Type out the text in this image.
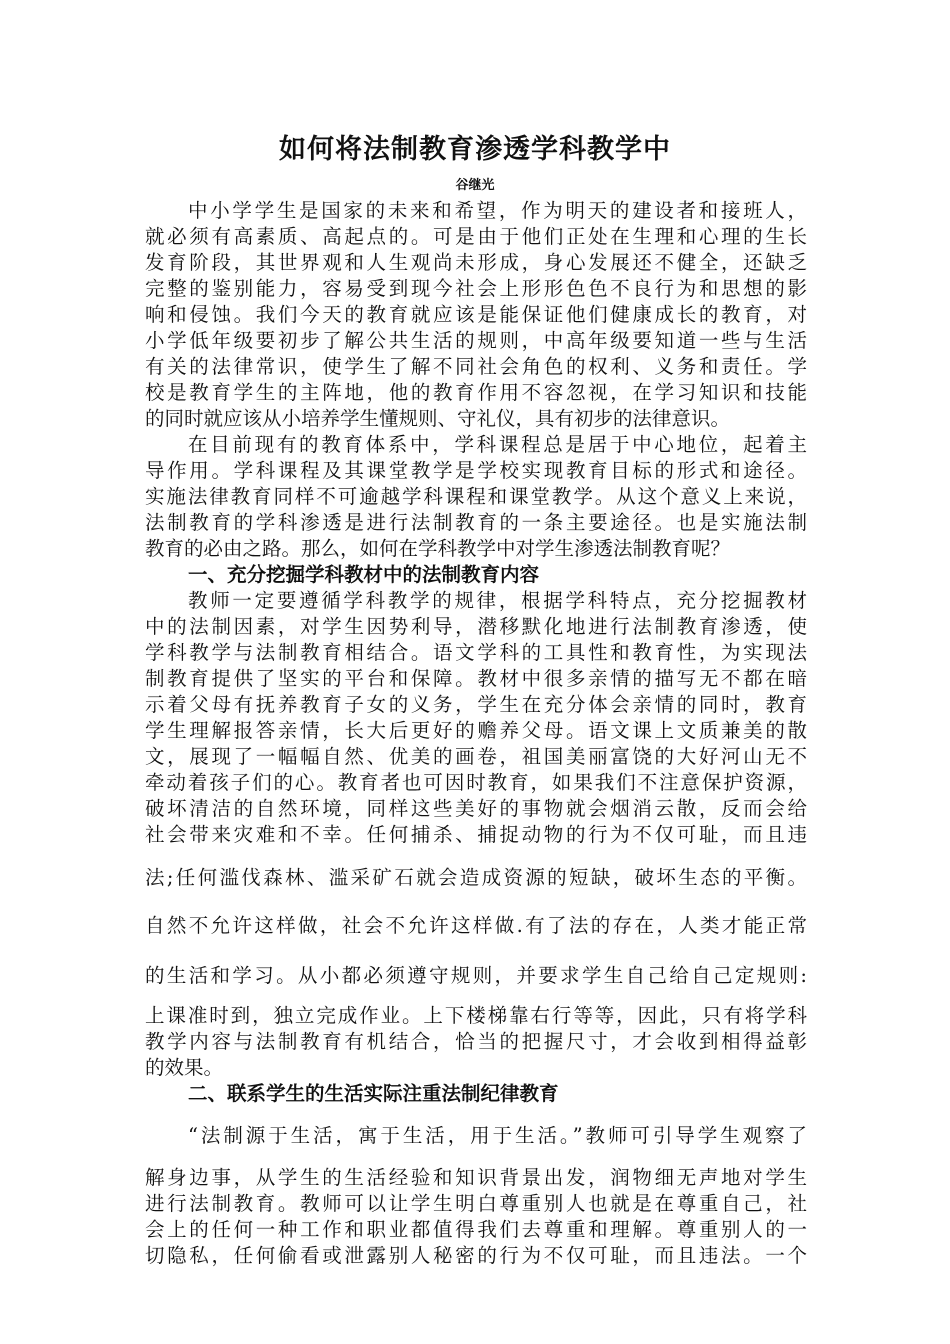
如何将法制教育渗透学科教学中
谷继光
中小学学生是国家的未来和希望，作为明天的建设者和接班人，
就必须有高素质、高起点的。可是由于他们正处在生理和心理的生长
发育阶段，其世界观和人生观尚未形成，身心发展还不健全，还缺乏
完整的鉴别能力，容易受到现今社会上形形色色不良行为和思想的影
响和侵蚀。我们今天的教育就应该是能保证他们健康成长的教育，对
小学低年级要初步了解公共生活的规则，中高年级要知道一些与生活
有关的法律常识，使学生了解不同社会角色的权利、义务和责任。学
校是教育学生的主阵地，他的教育作用不容忽视，在学习知识和技能
的同时就应该从小培养学生懂规则、守礼仪，具有初步的法律意识。
在目前现有的教育体系中，学科课程总是居于中心地位，起着主
导作用。学科课程及其课堂教学是学校实现教育目标的形式和途径。
实施法律教育同样不可逾越学科课程和课堂教学。从这个意义上来说，
法制教育的学科渗透是进行法制教育的一条主要途径。也是实施法制
教育的必由之路。那么，如何在学科教学中对学生渗透法制教育呢？
一、充分挖掘学科教材中的法制教育内容
教师一定要遵循学科教学的规律，根据学科特点，充分挖掘教材
中的法制因素，对学生因势利导，潜移默化地进行法制教育渗透，使
学科教学与法制教育相结合。语文学科的工具性和教育性，为实现法
制教育提供了坚实的平台和保障。教材中很多亲情的描写无不都在暗
示着父母有抚养教育子女的义务，学生在充分体会亲情的同时，教育
学生理解报答亲情，长大后更好的赡养父母。语文课上文质兼美的散
文，展现了一幅幅自然、优美的画卷，祖国美丽富饶的大好河山无不
牵动着孩子们的心。教育者也可因时教育，如果我们不注意保护资源，
破坏清洁的自然环境，同样这些美好的事物就会烟消云散，反而会给
社会带来灾难和不幸。任何捕杀、捕捉动物的行为不仅可耻，而且违
法;任何滥伐森林、滥采矿石就会造成资源的短缺，破坏生态的平衡。
自然不允许这样做，社会不允许这样做.有了法的存在，人类才能正常
的生活和学习。从小都必须遵守规则，并要求学生自己给自己定规则:
上课准时到，独立完成作业。上下楼梯靠右行等等，因此，只有将学科
教学内容与法制教育有机结合，恰当的把握尺寸，才会收到相得益彰
的效果。
二、联系学生的生活实际注重法制纪律教育
“法制源于生活，寓于生活，用于生活。”教师可引导学生观察了
解身边事，从学生的生活经验和知识背景出发，润物细无声地对学生
进行法制教育。教师可以让学生明白尊重别人也就是在尊重自己，社
会上的任何一种工作和职业都值得我们去尊重和理解。尊重别人的一
切隐私，任何偷看或泄露别人秘密的行为不仅可耻，而且违法。一个
